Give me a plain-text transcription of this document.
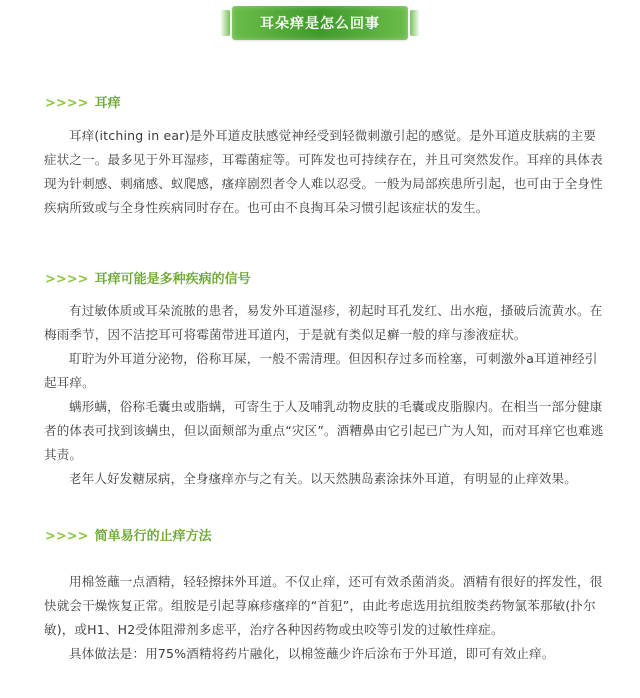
耳朵痒是怎么回事
>>>> 耳痒

耳痒(itching in ear)是外耳道皮肤感觉神经受到轻微刺激引起的感觉。是外耳道皮肤病的主要症状之一。最多见于外耳湿疹，耳霉菌症等。可阵发也可持续存在，并且可突然发作。耳痒的具体表现为针刺感、刺痛感、蚁爬感，瘙痒剧烈者令人难以忍受。一般为局部疾患所引起，也可由于全身性疾病所致或与全身性疾病同时存在。也可由不良掏耳朵习惯引起该症状的发生。

>>>> 耳痒可能是多种疾病的信号

有过敏体质或耳朵流脓的患者，易发外耳道湿疹，初起时耳孔发红、出水疱，搔破后流黄水。在梅雨季节，因不洁挖耳可将霉菌带进耳道内，于是就有类似足癣一般的痒与渗液症状。

耵聍为外耳道分泌物，俗称耳屎，一般不需清理。但因积存过多而栓塞，可刺激外a耳道神经引起耳痒。

螨形螨，俗称毛囊虫或脂螨，可寄生于人及哺乳动物皮肤的毛囊或皮脂腺内。在相当一部分健康者的体表可找到该螨虫，但以面颊部为重点“灾区”。酒糟鼻由它引起已广为人知，而对耳痒它也难逃其责。

老年人好发糖尿病，全身瘙痒亦与之有关。以天然胰岛素涂抹外耳道，有明显的止痒效果。

>>>> 简单易行的止痒方法

用棉签蘸一点酒精，轻轻擦抹外耳道。不仅止痒，还可有效杀菌消炎。酒精有很好的挥发性，很快就会干燥恢复正常。组胺是引起荨麻疹瘙痒的“首犯”，由此考虑选用抗组胺类药物氯苯那敏(扑尔敏)，或H1、H2受体阻滞剂多虑平，治疗各种因药物或虫咬等引发的过敏性痒症。

具体做法是：用75%酒精将药片融化，以棉签蘸少许后涂布于外耳道，即可有效止痒。
